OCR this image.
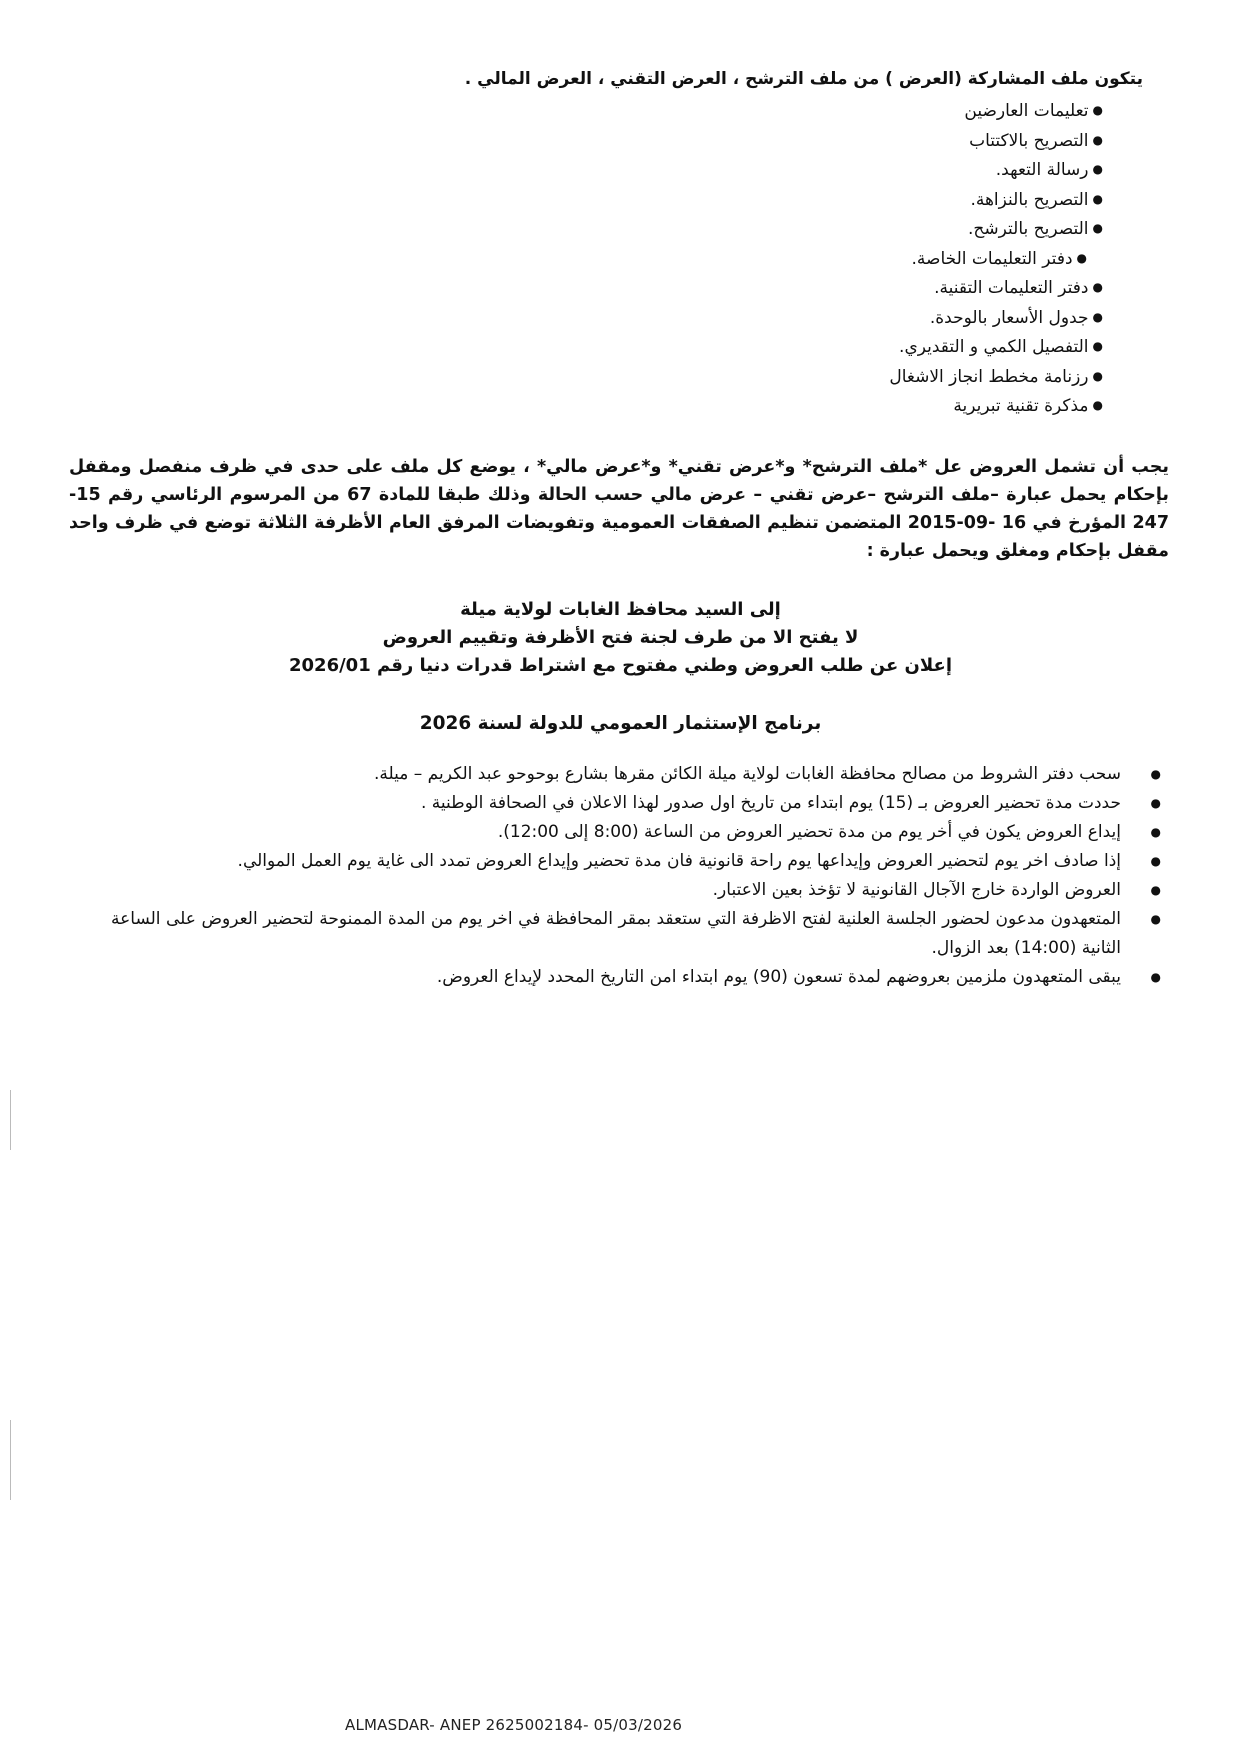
يتكون ملف المشاركة (العرض ) من ملف الترشح ، العرض التقني ، العرض المالي .
●تعليمات العارضين
●التصريح بالاكتتاب
●رسالة التعهد.
●التصريح بالنزاهة.
●التصريح بالترشح.
●دفتر التعليمات الخاصة.
●دفتر التعليمات التقنية.
●جدول الأسعار بالوحدة.
●التفصيل الكمي و التقديري.
●رزنامة مخطط انجاز الاشغال
●مذكرة تقنية تبريرية
يجب أن تشمل العروض عل *ملف الترشح* و*عرض تقني* و*عرض مالي* ، يوضع كل ملف على حدى في ظرف منفصل ومقفل بإحكام يحمل عبارة –ملف الترشح –عرض تقني – عرض مالي حسب الحالة وذلك طبقا للمادة 67 من المرسوم الرئاسي رقم 15-247 المؤرخ في 16 -09-2015 المتضمن تنظيم الصفقات العمومية وتفويضات المرفق العام الأظرفة الثلاثة توضع في ظرف واحد مقفل بإحكام ومغلق ويحمل عبارة :
إلى السيد محافظ الغابات لولاية ميلة
لا يفتح الا من طرف لجنة فتح الأظرفة وتقييم العروض
إعلان عن طلب العروض وطني مفتوح مع اشتراط قدرات دنيا رقم 2026/01
برنامج الإستثمار العمومي للدولة لسنة 2026
●
سحب دفتر الشروط من مصالح محافظة الغابات لولاية ميلة الكائن مقرها بشارع بوحوحو عبد الكريم – ميلة.
●
حددت مدة تحضير العروض بـ (15) يوم ابتداء من تاريخ اول صدور لهذا الاعلان في الصحافة الوطنية .
●
إيداع العروض يكون في أخر يوم من مدة تحضير العروض من الساعة (8:00 إلى 12:00).
●
إذا صادف اخر يوم لتحضير العروض وإيداعها يوم راحة قانونية فان مدة تحضير وإيداع العروض تمدد الى غاية يوم العمل الموالي.
●
العروض الواردة خارج الآجال القانونية لا تؤخذ بعين الاعتبار.
●
المتعهدون مدعون لحضور الجلسة العلنية لفتح الاظرفة التي ستعقد بمقر المحافظة في اخر يوم من المدة الممنوحة لتحضير العروض على الساعة الثانية (14:00) بعد الزوال.
●
يبقى المتعهدون ملزمين بعروضهم لمدة تسعون (90) يوم ابتداء امن التاريخ المحدد لإيداع العروض.
ALMASDAR- ANEP 2625002184- 05/03/2026
